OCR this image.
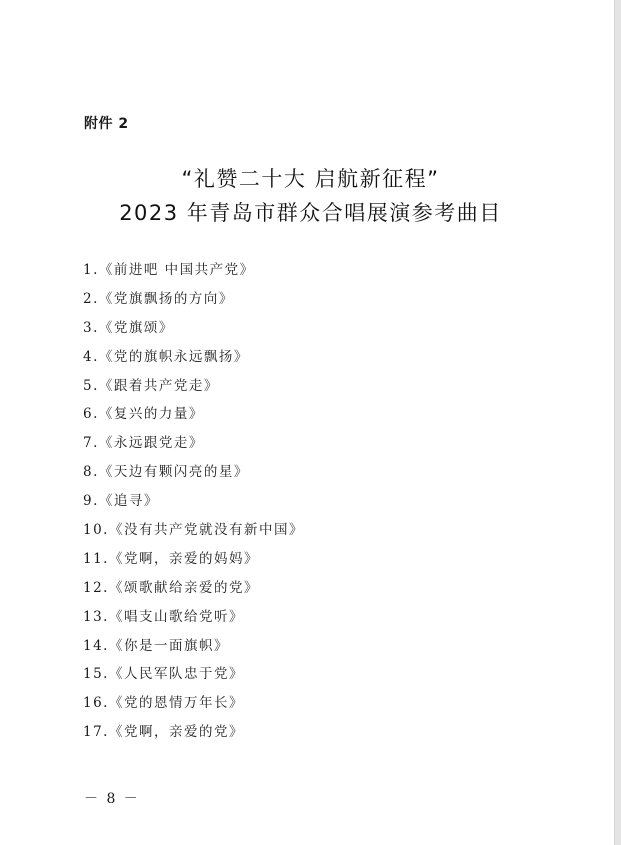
附件 2
“礼赞二十大 启航新征程”
2023 年青岛市群众合唱展演参考曲目
1.《前进吧 中国共产党》
2.《党旗飘扬的方向》
3.《党旗颂》
4.《党的旗帜永远飘扬》
5.《跟着共产党走》
6.《复兴的力量》
7.《永远跟党走》
8.《天边有颗闪亮的星》
9.《追寻》
10.《没有共产党就没有新中国》
11.《党啊，亲爱的妈妈》
12.《颂歌献给亲爱的党》
13.《唱支山歌给党听》
14.《你是一面旗帜》
15.《人民军队忠于党》
16.《党的恩情万年长》
17.《党啊，亲爱的党》
－ 8 －
